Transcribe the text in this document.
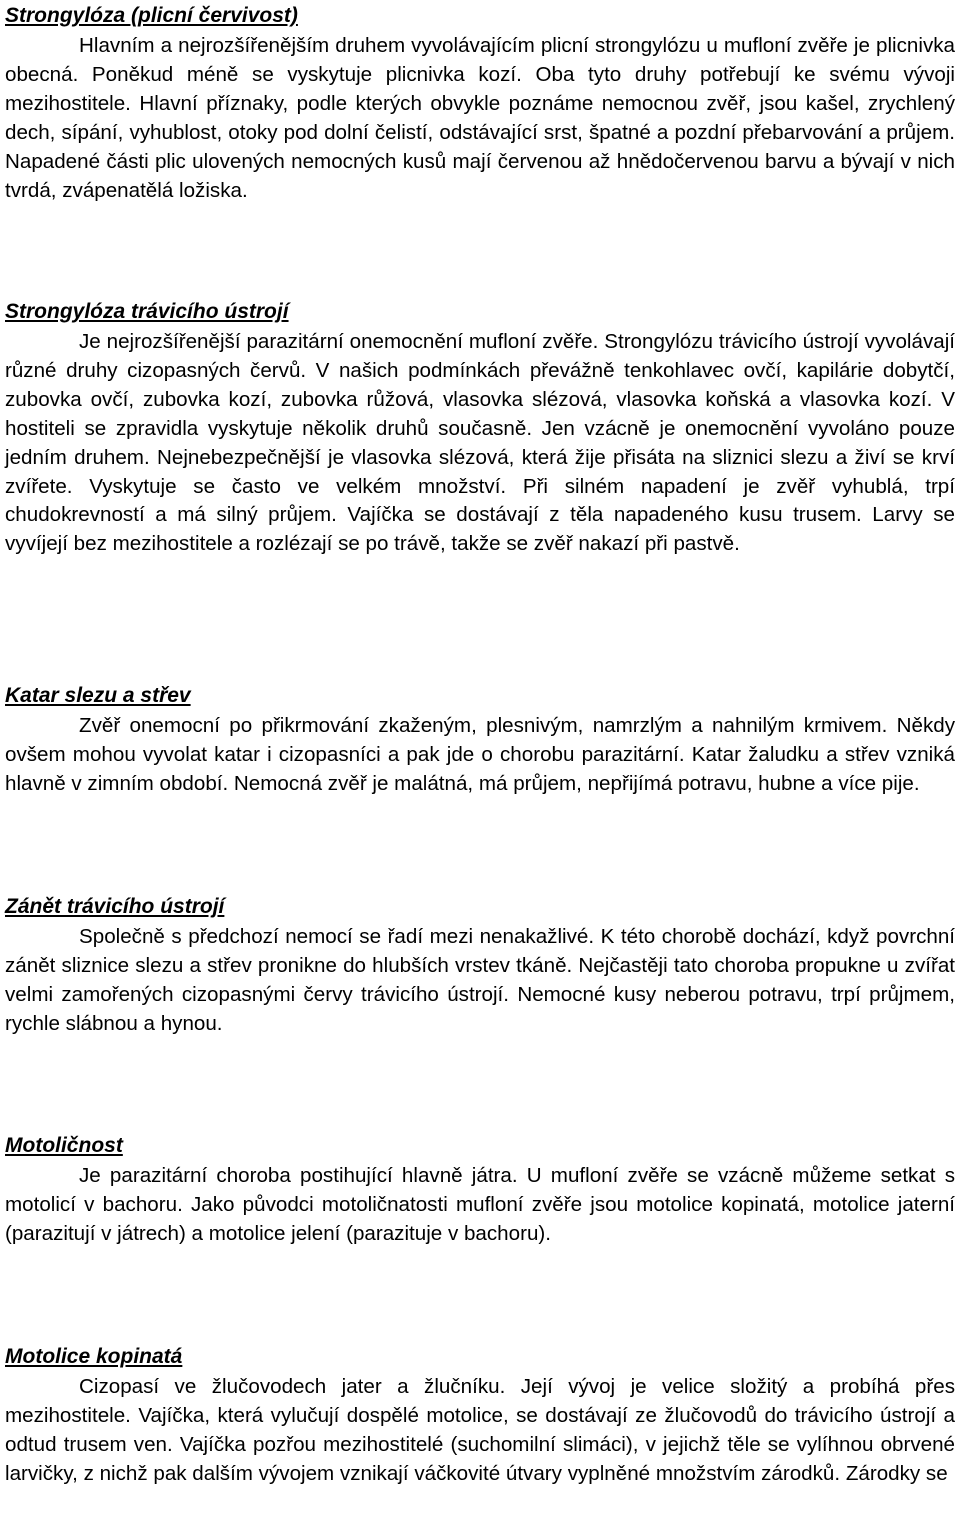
Strongylóza (plicní červivost)

Hlavním a nejrozšířenějším druhem vyvolávajícím plicní strongylózu u mufloní zvěře je plicnivka obecná. Poněkud méně se vyskytuje plicnivka kozí. Oba tyto druhy potřebují ke svému vývoji mezihostitele. Hlavní příznaky, podle kterých obvykle poznáme nemocnou zvěř, jsou kašel, zrychlený dech, sípání, vyhublost, otoky pod dolní čelistí, odstávající srst, špatné a pozdní přebarvování a průjem. Napadené části plic ulovených nemocných kusů mají červenou až hnědočervenou barvu a bývají v nich tvrdá, zvápenatělá ložiska.

Strongylóza trávicího ústrojí

Je nejrozšířenější parazitární onemocnění mufloní zvěře. Strongylózu trávicího ústrojí vyvolávají různé druhy cizopasných červů. V našich podmínkách převážně tenkohlavec ovčí, kapilárie dobytčí, zubovka ovčí, zubovka kozí, zubovka růžová, vlasovka slézová, vlasovka koňská a vlasovka kozí. V hostiteli se zpravidla vyskytuje několik druhů současně. Jen vzácně je onemocnění vyvoláno pouze jedním druhem. Nejnebezpečnější je vlasovka slézová, která žije přisáta na sliznici slezu a živí se krví zvířete. Vyskytuje se často ve velkém množství. Při silném napadení je zvěř vyhublá, trpí chudokrevností a má silný průjem. Vajíčka se dostávají z těla napadeného kusu trusem. Larvy se vyvíjejí bez mezihostitele a rozlézají se po trávě, takže se zvěř nakazí při pastvě.

Katar slezu a střev

Zvěř onemocní po přikrmování zkaženým, plesnivým, namrzlým a nahnilým krmivem. Někdy ovšem mohou vyvolat katar i cizopasníci a pak jde o chorobu parazitární. Katar žaludku a střev vzniká hlavně v zimním období. Nemocná zvěř je malátná, má průjem, nepřijímá potravu, hubne a více pije.

Zánět trávicího ústrojí

Společně s předchozí nemocí se řadí mezi nenakažlivé. K této chorobě dochází, když povrchní zánět sliznice slezu a střev pronikne do hlubších vrstev tkáně. Nejčastěji tato choroba propukne u zvířat velmi zamořených cizopasnými červy trávicího ústrojí. Nemocné kusy neberou potravu, trpí průjmem, rychle slábnou a hynou.

Motoličnost

Je parazitární choroba postihující hlavně játra. U mufloní zvěře se vzácně můžeme setkat s motolicí v bachoru. Jako původci motoličnatosti mufloní zvěře jsou motolice kopinatá, motolice jaterní (parazitují v játrech) a motolice jelení (parazituje v bachoru).

Motolice kopinatá

Cizopasí ve žlučovodech jater a žlučníku. Její vývoj je velice složitý a probíhá přes mezihostitele. Vajíčka, která vylučují dospělé motolice, se dostávají ze žlučovodů do trávicího ústrojí a odtud trusem ven. Vajíčka pozřou mezihostitelé (suchomilní slimáci), v jejichž těle se vylíhnou obrvené larvičky, z nichž pak dalším vývojem vznikají váčkovité útvary vyplněné množstvím zárodků. Zárodky se
